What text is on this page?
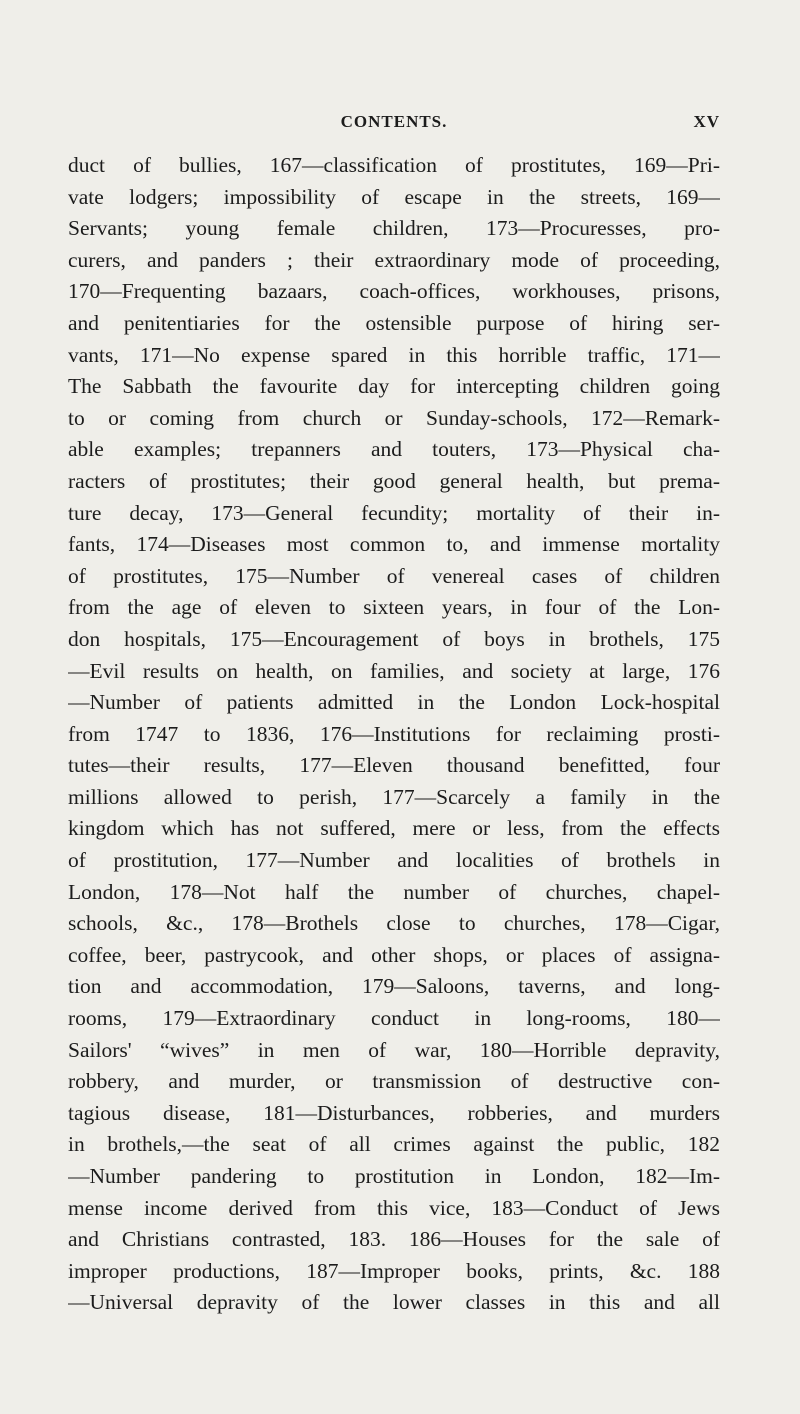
CONTENTS.	XV
duct of bullies, 167—classification of prostitutes, 169—Pri-
vate lodgers; impossibility of escape in the streets, 169—
Servants; young female children, 173—Procuresses, pro-
curers, and panders ; their extraordinary mode of proceeding,
170—Frequenting bazaars, coach-offices, workhouses, prisons,
and penitentiaries for the ostensible purpose of hiring ser-
vants, 171—No expense spared in this horrible traffic, 171—
The Sabbath the favourite day for intercepting children going
to or coming from church or Sunday-schools, 172—Remark-
able examples; trepanners and touters, 173—Physical cha-
racters of prostitutes; their good general health, but prema-
ture decay, 173—General fecundity; mortality of their in-
fants, 174—Diseases most common to, and immense mortality
of prostitutes, 175—Number of venereal cases of children
from the age of eleven to sixteen years, in four of the Lon-
don hospitals, 175—Encouragement of boys in brothels, 175
—Evil results on health, on families, and society at large, 176
—Number of patients admitted in the London Lock-hospital
from 1747 to 1836, 176—Institutions for reclaiming prosti-
tutes—their results, 177—Eleven thousand benefitted, four
millions allowed to perish, 177—Scarcely a family in the
kingdom which has not suffered, mere or less, from the effects
of prostitution, 177—Number and localities of brothels in
London, 178—Not half the number of churches, chapel-
schools, &c., 178—Brothels close to churches, 178—Cigar,
coffee, beer, pastrycook, and other shops, or places of assigna-
tion and accommodation, 179—Saloons, taverns, and long-
rooms, 179—Extraordinary conduct in long-rooms, 180—
Sailors' “wives” in men of war, 180—Horrible depravity,
robbery, and murder, or transmission of destructive con-
tagious disease, 181—Disturbances, robberies, and murders
in brothels,—the seat of all crimes against the public, 182
—Number pandering to prostitution in London, 182—Im-
mense income derived from this vice, 183—Conduct of Jews
and Christians contrasted, 183. 186—Houses for the sale of
improper productions, 187—Improper books, prints, &c. 188
—Universal depravity of the lower classes in this and all
